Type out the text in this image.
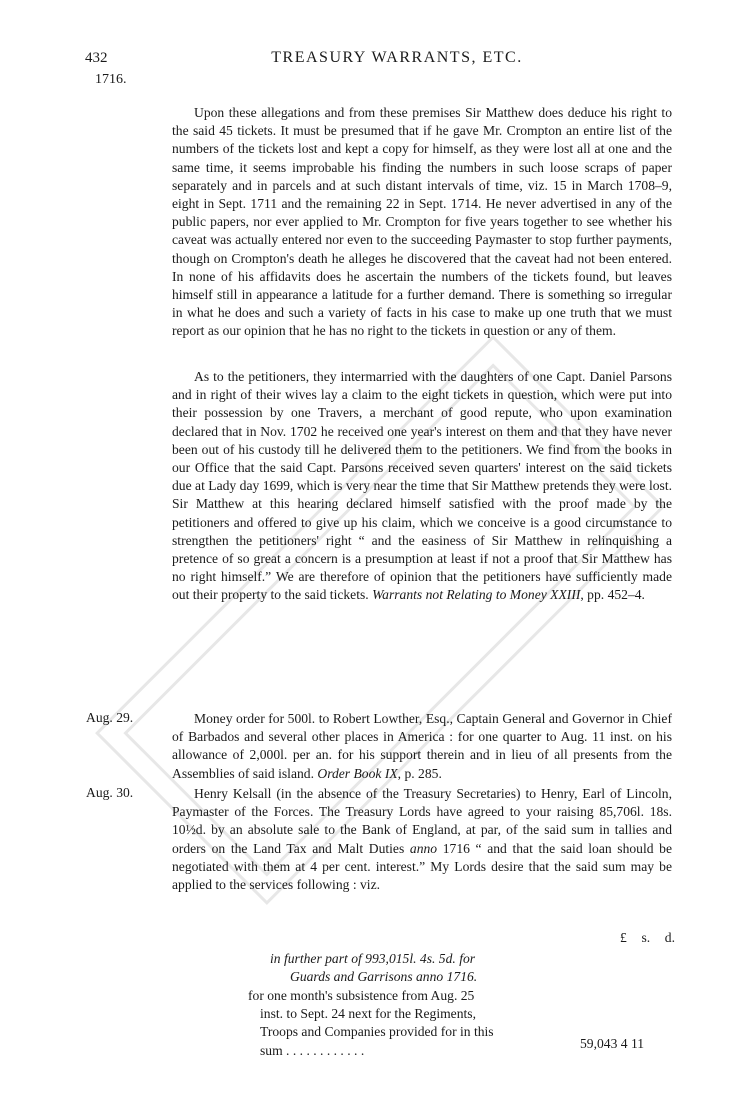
432
1716.
TREASURY WARRANTS, ETC.

Upon these allegations and from these premises Sir Matthew does deduce his right to the said 45 tickets. It must be presumed that if he gave Mr. Crompton an entire list of the numbers of the tickets lost and kept a copy for himself, as they were lost all at one and the same time, it seems improbable his finding the numbers in such loose scraps of paper separately and in parcels and at such distant intervals of time, viz. 15 in March 1708–9, eight in Sept. 1711 and the remaining 22 in Sept. 1714. He never advertised in any of the public papers, nor ever applied to Mr. Crompton for five years together to see whether his caveat was actually entered nor even to the succeeding Paymaster to stop further payments, though on Crompton's death he alleges he discovered that the caveat had not been entered. In none of his affidavits does he ascertain the numbers of the tickets found, but leaves himself still in appearance a latitude for a further demand. There is something so irregular in what he does and such a variety of facts in his case to make up one truth that we must report as our opinion that he has no right to the tickets in question or any of them.

As to the petitioners, they intermarried with the daughters of one Capt. Daniel Parsons and in right of their wives lay a claim to the eight tickets in question, which were put into their possession by one Travers, a merchant of good repute, who upon examination declared that in Nov. 1702 he received one year's interest on them and that they have never been out of his custody till he delivered them to the petitioners. We find from the books in our Office that the said Capt. Parsons received seven quarters' interest on the said tickets due at Lady day 1699, which is very near the time that Sir Matthew pretends they were lost. Sir Matthew at this hearing declared himself satisfied with the proof made by the petitioners and offered to give up his claim, which we conceive is a good circumstance to strengthen the petitioners' right “ and the easiness of Sir Matthew in relinquishing a pretence of so great a concern is a presumption at least if not a proof that Sir Matthew has no right himself.” We are therefore of opinion that the petitioners have sufficiently made out their property to the said tickets. Warrants not Relating to Money XXIII, pp. 452–4.

Aug. 29.	Money order for 500l. to Robert Lowther, Esq., Captain General and Governor in Chief of Barbados and several other places in America : for one quarter to Aug. 11 inst. on his allowance of 2,000l. per an. for his support therein and in lieu of all presents from the Assemblies of said island. Order Book IX, p. 285.

Aug. 30.	Henry Kelsall (in the absence of the Treasury Secretaries) to Henry, Earl of Lincoln, Paymaster of the Forces. The Treasury Lords have agreed to your raising 85,706l. 18s. 10½d. by an absolute sale to the Bank of England, at par, of the said sum in tallies and orders on the Land Tax and Malt Duties anno 1716 “ and that the said loan should be negotiated with them at 4 per cent. interest.” My Lords desire that the said sum may be applied to the services following : viz.

£ s. d.
in further part of 993,015l. 4s. 5d. for
Guards and Garrisons anno 1716.
for one month's subsistence from Aug. 25
inst. to Sept. 24 next for the Regiments,
Troops and Companies provided for in this
sum . . . . . . . . . . . .	59,043 4 11
